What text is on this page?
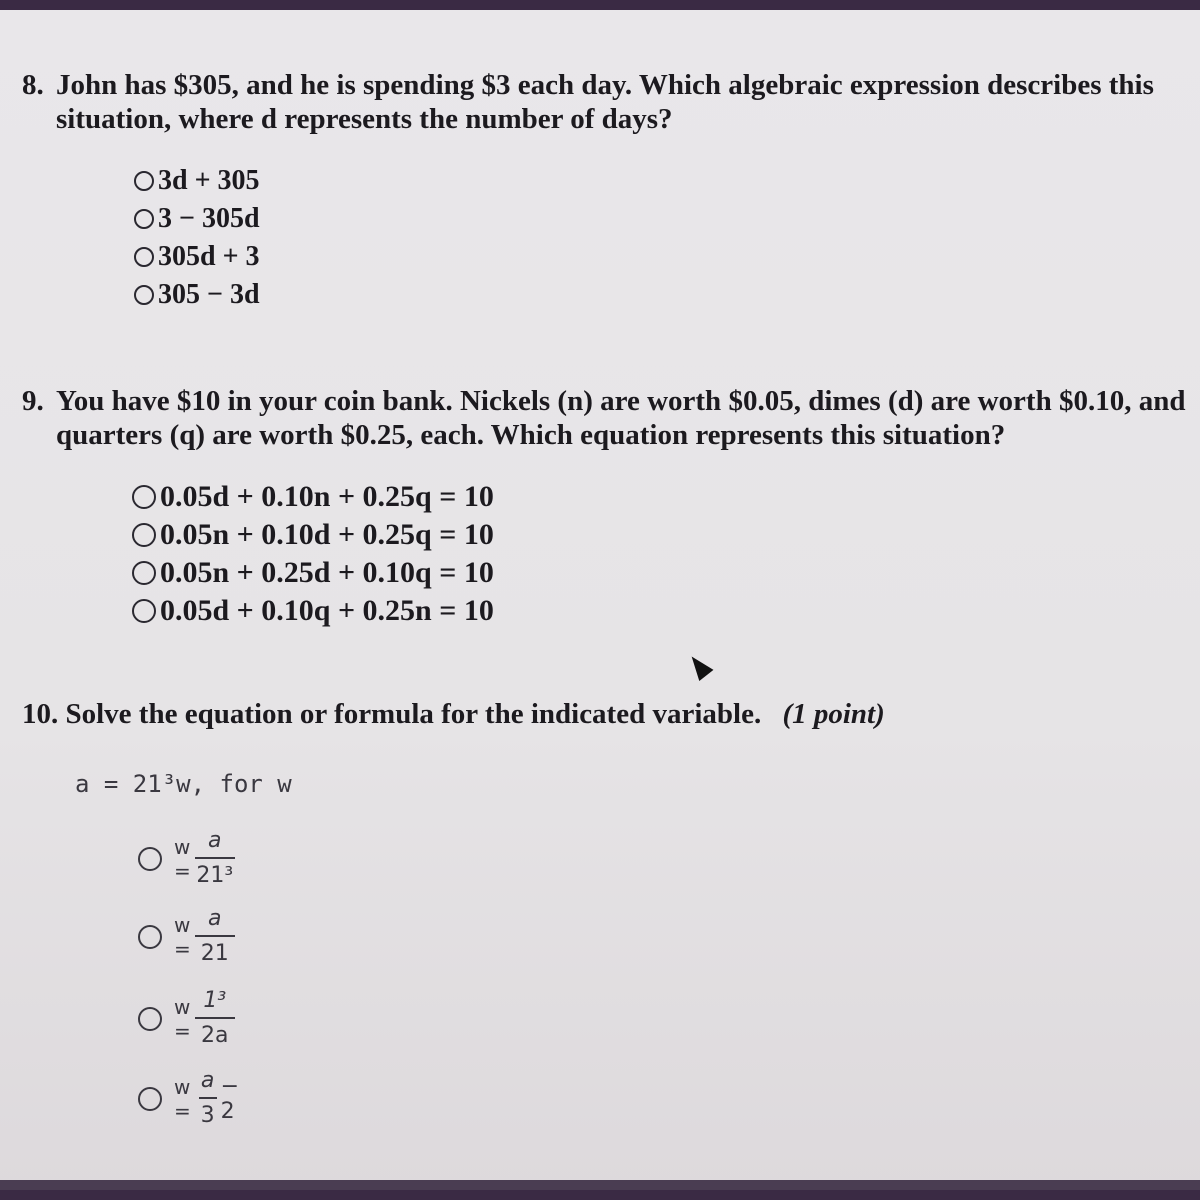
8. John has $305, and he is spending $3 each day. Which algebraic expression describes this
situation, where d represents the number of days?
3d + 305
3 − 305d
305d + 3
305 − 3d
9. You have $10 in your coin bank. Nickels (n) are worth $0.05, dimes (d) are worth $0.10, and
quarters (q) are worth $0.25, each. Which equation represents this situation?
0.05d + 0.10n + 0.25q = 10
0.05n + 0.10d + 0.25q = 10
0.05n + 0.25d + 0.10q = 10
0.05d + 0.10q + 0.25n = 10
10. Solve the equation or formula for the indicated variable. (1 point)
a = 21³w, for w
$w = \frac{a}{\text{21³}}$
$w = \frac{a}{21}$
$w = \frac{\text{1³}}{2a}$
$w = \frac{a}{3} - 2$
